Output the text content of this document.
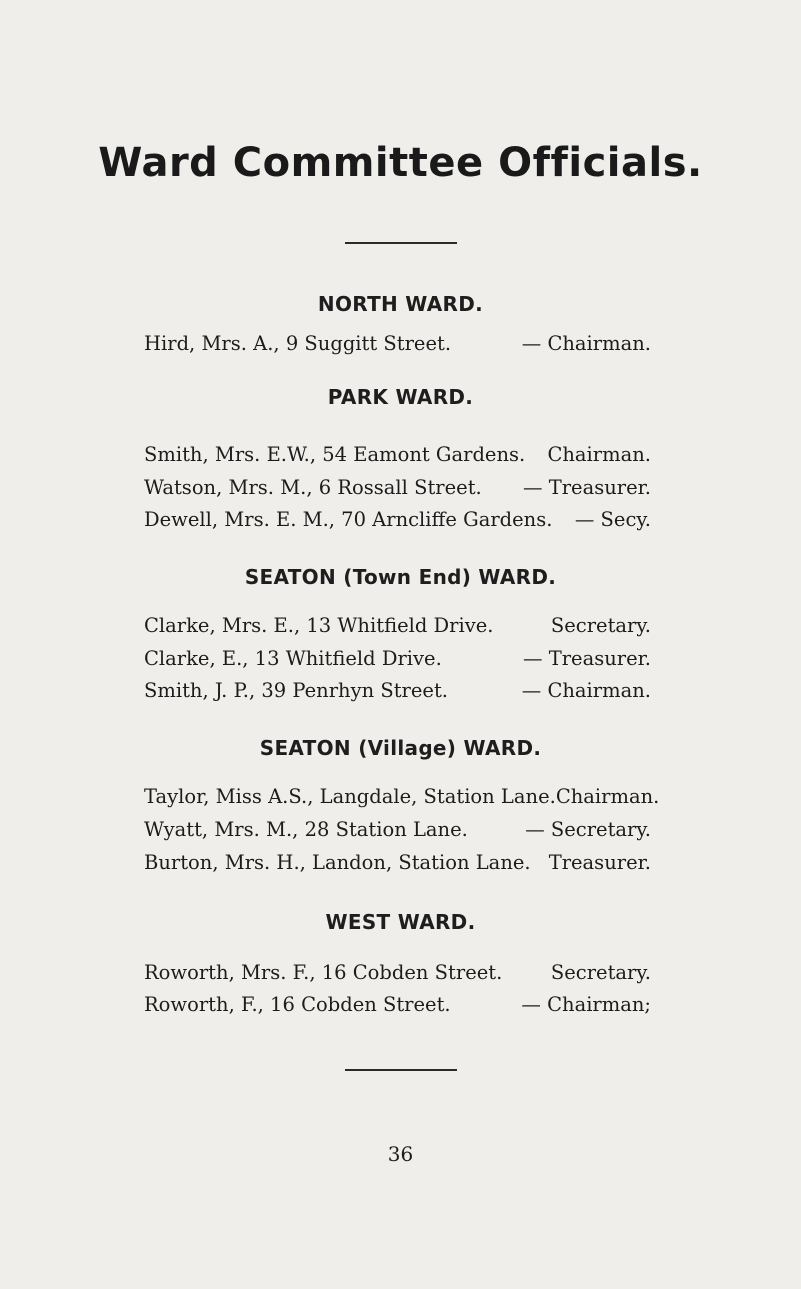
Ward Committee Officials.
NORTH WARD.
Hird, Mrs. A., 9 Suggitt Street.	— Chairman.
PARK WARD.
Smith, Mrs. E.W., 54 Eamont Gardens. Chairman.
Watson, Mrs. M., 6 Rossall Street. — Treasurer.
Dewell, Mrs. E. M., 70 Arncliffe Gardens. — Secy.
SEATON (Town End) WARD.
Clarke, Mrs. E., 13 Whitfield Drive.	Secretary.
Clarke, E., 13 Whitfield Drive.	— Treasurer.
Smith, J. P., 39 Penrhyn Street.	— Chairman.
SEATON (Village) WARD.
Taylor, Miss A.S., Langdale, Station Lane. Chairman.
Wyatt, Mrs. M., 28 Station Lane.	— Secretary.
Burton, Mrs. H., Landon, Station Lane. Treasurer.
WEST WARD.
Roworth, Mrs. F., 16 Cobden Street. Secretary.
Roworth, F., 16 Cobden Street.	— Chairman;
36
